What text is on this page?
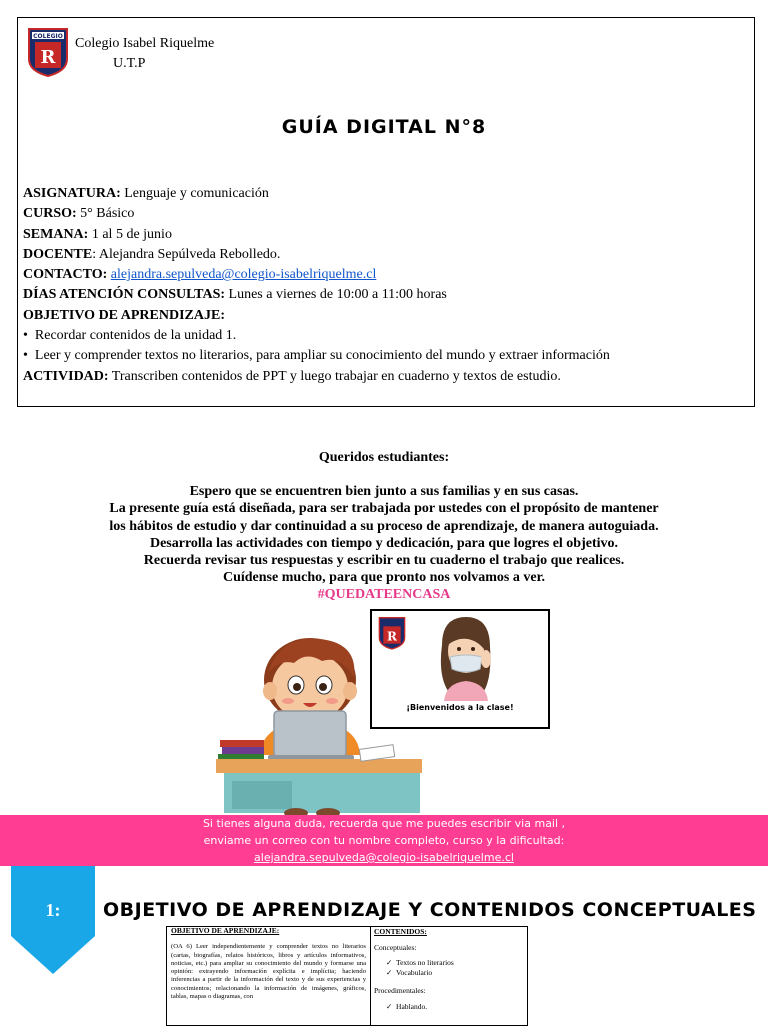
COLEGIO
R
Colegio Isabel Riquelme
U.T.P
GUÍA DIGITAL N°8
ASIGNATURA: Lenguaje y comunicación
CURSO: 5° Básico
SEMANA: 1 al 5 de junio
DOCENTE: Alejandra Sepúlveda Rebolledo.
CONTACTO: alejandra.sepulveda@colegio-isabelriquelme.cl
DÍAS ATENCIÓN CONSULTAS: Lunes a viernes de 10:00 a 11:00 horas
OBJETIVO DE APRENDIZAJE:
•  Recordar contenidos de la unidad 1.
•  Leer y comprender textos no literarios, para ampliar su conocimiento del mundo y extraer información
ACTIVIDAD: Transcriben contenidos de PPT y luego trabajar en cuaderno y textos de estudio.
Queridos estudiantes:
Espero que se encuentren bien junto a sus familias y en sus casas.
La presente guía está diseñada, para ser trabajada por ustedes con el propósito de mantener
los hábitos de estudio y dar continuidad a su proceso de aprendizaje, de manera autoguiada.
Desarrolla las actividades con tiempo y dedicación, para que logres el objetivo.
Recuerda revisar tus respuestas y escribir en tu cuaderno el trabajo que realices.
Cuídense mucho, para que pronto nos volvamos a ver.
#QUEDATEENCASA
R
¡Bienvenidos a la clase!
Si tienes alguna duda, recuerda que me puedes escribir via mail ,
enviame un correo con tu nombre completo, curso y la dificultad:
alejandra.sepulveda@colegio-isabelriquelme.cl
1:	OBJETIVO DE APRENDIZAJE Y CONTENIDOS CONCEPTUALES
OBJETIVO DE APRENDIZAJE:
(OA 6) Leer independientemente y comprender textos no literarios (cartas, biografías, relatos históricos, libros y artículos informativos, noticias, etc.) para ampliar su conocimiento del mundo y formarse una opinión: extrayendo información explícita e implícita; haciendo inferencias a partir de la información del texto y de sus experiencias y conocimientos; relacionando la información de imágenes, gráficos, tablas, mapas o diagramas, con
CONTENIDOS:
Conceptuales:
✓  Textos no literarios
✓  Vocabulario
Procedimentales:
✓  Hablando.
